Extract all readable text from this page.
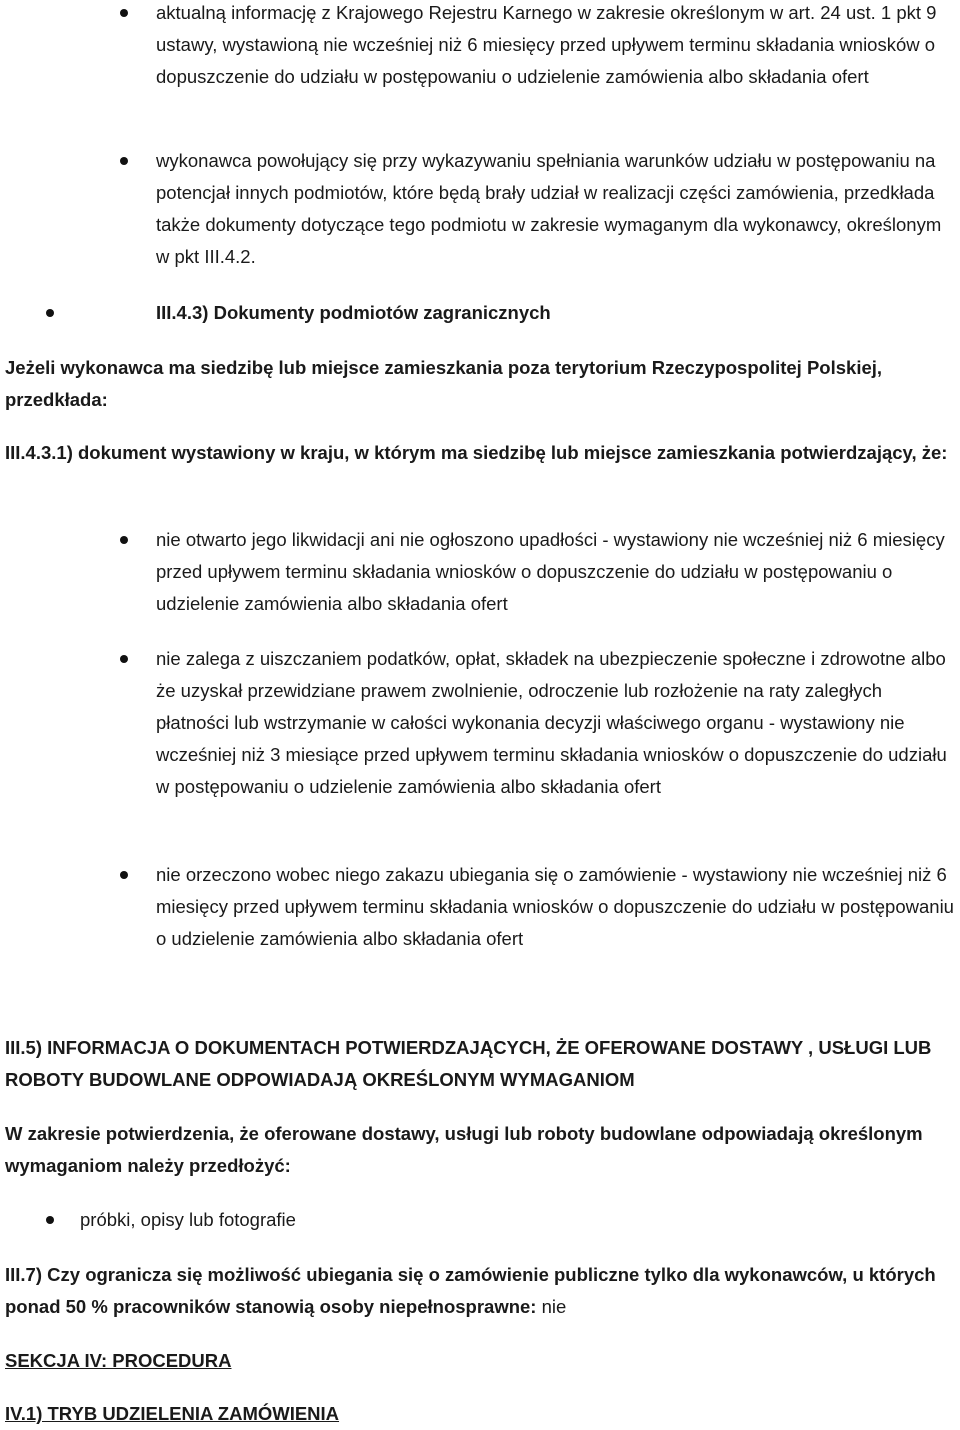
aktualną informację z Krajowego Rejestru Karnego w zakresie określonym w art. 24 ust. 1 pkt 9 ustawy, wystawioną nie wcześniej niż 6 miesięcy przed upływem terminu składania wniosków o dopuszczenie do udziału w postępowaniu o udzielenie zamówienia albo składania ofert

wykonawca powołujący się przy wykazywaniu spełniania warunków udziału w postępowaniu na potencjał innych podmiotów, które będą brały udział w realizacji części zamówienia, przedkłada także dokumenty dotyczące tego podmiotu w zakresie wymaganym dla wykonawcy, określonym w pkt III.4.2.

III.4.3) Dokumenty podmiotów zagranicznych

Jeżeli wykonawca ma siedzibę lub miejsce zamieszkania poza terytorium Rzeczypospolitej Polskiej, przedkłada:

III.4.3.1) dokument wystawiony w kraju, w którym ma siedzibę lub miejsce zamieszkania potwierdzający, że:

nie otwarto jego likwidacji ani nie ogłoszono upadłości - wystawiony nie wcześniej niż 6 miesięcy przed upływem terminu składania wniosków o dopuszczenie do udziału w postępowaniu o udzielenie zamówienia albo składania ofert

nie zalega z uiszczaniem podatków, opłat, składek na ubezpieczenie społeczne i zdrowotne albo że uzyskał przewidziane prawem zwolnienie, odroczenie lub rozłożenie na raty zaległych płatności lub wstrzymanie w całości wykonania decyzji właściwego organu - wystawiony nie wcześniej niż 3 miesiące przed upływem terminu składania wniosków o dopuszczenie do udziału w postępowaniu o udzielenie zamówienia albo składania ofert

nie orzeczono wobec niego zakazu ubiegania się o zamówienie - wystawiony nie wcześniej niż 6 miesięcy przed upływem terminu składania wniosków o dopuszczenie do udziału w postępowaniu o udzielenie zamówienia albo składania ofert

III.5) INFORMACJA O DOKUMENTACH POTWIERDZAJĄCYCH, ŻE OFEROWANE DOSTAWY , USŁUGI LUB ROBOTY BUDOWLANE ODPOWIADAJĄ OKREŚLONYM WYMAGANIOM

W zakresie potwierdzenia, że oferowane dostawy, usługi lub roboty budowlane odpowiadają określonym wymaganiom należy przedłożyć:

próbki, opisy lub fotografie

III.7) Czy ogranicza się możliwość ubiegania się o zamówienie publiczne tylko dla wykonawców, u których ponad 50 % pracowników stanowią osoby niepełnosprawne: nie

SEKCJA IV: PROCEDURA

IV.1) TRYB UDZIELENIA ZAMÓWIENIA
